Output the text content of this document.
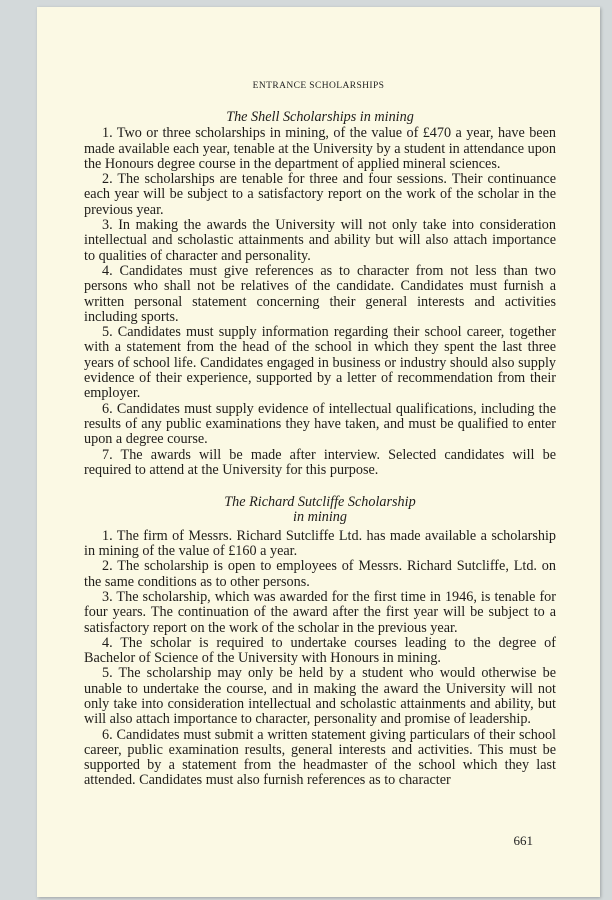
ENTRANCE SCHOLARSHIPS

The Shell Scholarships in mining

1. Two or three scholarships in mining, of the value of £470 a year, have been made available each year, tenable at the University by a student in attendance upon the Honours degree course in the department of applied mineral sciences.

2. The scholarships are tenable for three and four sessions. Their continuance each year will be subject to a satisfactory report on the work of the scholar in the previous year.

3. In making the awards the University will not only take into consideration intellectual and scholastic attainments and ability but will also attach importance to qualities of character and personality.

4. Candidates must give references as to character from not less than two persons who shall not be relatives of the candidate. Candidates must furnish a written personal statement concerning their general interests and activities including sports.

5. Candidates must supply information regarding their school career, together with a statement from the head of the school in which they spent the last three years of school life. Candidates engaged in business or industry should also supply evidence of their experience, supported by a letter of recommendation from their employer.

6. Candidates must supply evidence of intellectual qualifications, including the results of any public examinations they have taken, and must be qualified to enter upon a degree course.

7. The awards will be made after interview. Selected candidates will be required to attend at the University for this purpose.

The Richard Sutcliffe Scholarship

in mining

1. The firm of Messrs. Richard Sutcliffe Ltd. has made available a scholarship in mining of the value of £160 a year.

2. The scholarship is open to employees of Messrs. Richard Sutcliffe, Ltd. on the same conditions as to other persons.

3. The scholarship, which was awarded for the first time in 1946, is tenable for four years. The continuation of the award after the first year will be subject to a satisfactory report on the work of the scholar in the previous year.

4. The scholar is required to undertake courses leading to the degree of Bachelor of Science of the University with Honours in mining.

5. The scholarship may only be held by a student who would otherwise be unable to undertake the course, and in making the award the University will not only take into consideration intellectual and scholastic attainments and ability, but will also attach importance to character, personality and promise of leadership.

6. Candidates must submit a written statement giving particulars of their school career, public examination results, general interests and activities. This must be supported by a statement from the headmaster of the school which they last attended. Candidates must also furnish references as to character

661
